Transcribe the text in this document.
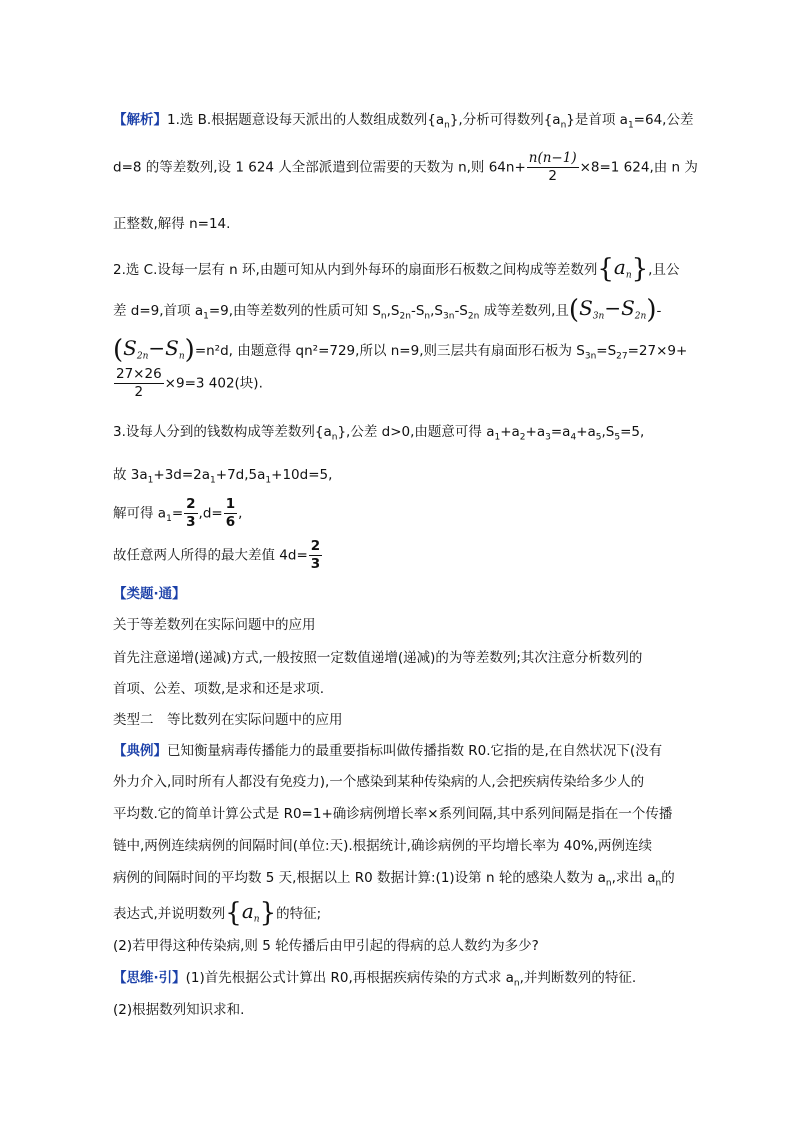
【解析】1.选 B.根据题意设每天派出的人数组成数列$\{a_n\}$,分析可得数列$\{a_n\}$是首项 $a_1=64$,公差
d=8 的等差数列,设 1 624 人全部派遣到位需要的天数为 n,则 $64n+ \frac{n(n-1)}{2} \times 8=1$ 624,由 n 为
正整数,解得 n=14.
2.选 C.设每一层有 n 环,由题可知从内到外每环的扇面形石板数之间构成等差数列$\{a_n\}$,且公
差 d=9,首项 $a_1=9$,由等差数列的性质可知 $S_n,S_{2n}-S_n,S_{3n}-S_{2n}$ 成等差数列,且$(S_{3n}-S_{2n})-$
$(S_{2n}-S_n)=n^2d$, 由题意得 qn²=729,所以 n=9,则三层共有扇面形石板为 $S_{3n}=S_{27}=27\times 9+$
$\frac{27\times 26}{2} \times 9=3$ 402(块).
3.设每人分到的钱数构成等差数列$\{a_n\}$,公差 d>0,由题意可得 $a_1+a_2+a_3=a_4+a_5,S_5=5$,
故 $3a_1+3d=2a_1+7d,5a_1+10d=5$,
解可得 $a_1= \frac{2}{3} ,d= \frac{1}{6}$ ,
故任意两人所得的最大差值 $4d= \frac{2}{3}$
【类题·通】
关于等差数列在实际问题中的应用
首先注意递增(递减)方式,一般按照一定数值递增(递减)的为等差数列;其次注意分析数列的
首项、公差、项数,是求和还是求项.
类型二　等比数列在实际问题中的应用
【典例】已知衡量病毒传播能力的最重要指标叫做传播指数 R0.它指的是,在自然状况下(没有
外力介入,同时所有人都没有免疫力),一个感染到某种传染病的人,会把疾病传染给多少人的
平均数.它的简单计算公式是 R0=1+确诊病例增长率×系列间隔,其中系列间隔是指在一个传播
链中,两例连续病例的间隔时间(单位:天).根据统计,确诊病例的平均增长率为 40%,两例连续
病例的间隔时间的平均数 5 天,根据以上 R0 数据计算:(1)设第 n 轮的感染人数为 $a_n$,求出 $a_n$的
表达式,并说明数列$\{a_n\}$的特征;
(2)若甲得这种传染病,则 5 轮传播后由甲引起的得病的总人数约为多少?
【思维·引】(1)首先根据公式计算出 R0,再根据疾病传染的方式求 $a_n$,并判断数列的特征.
(2)根据数列知识求和.
